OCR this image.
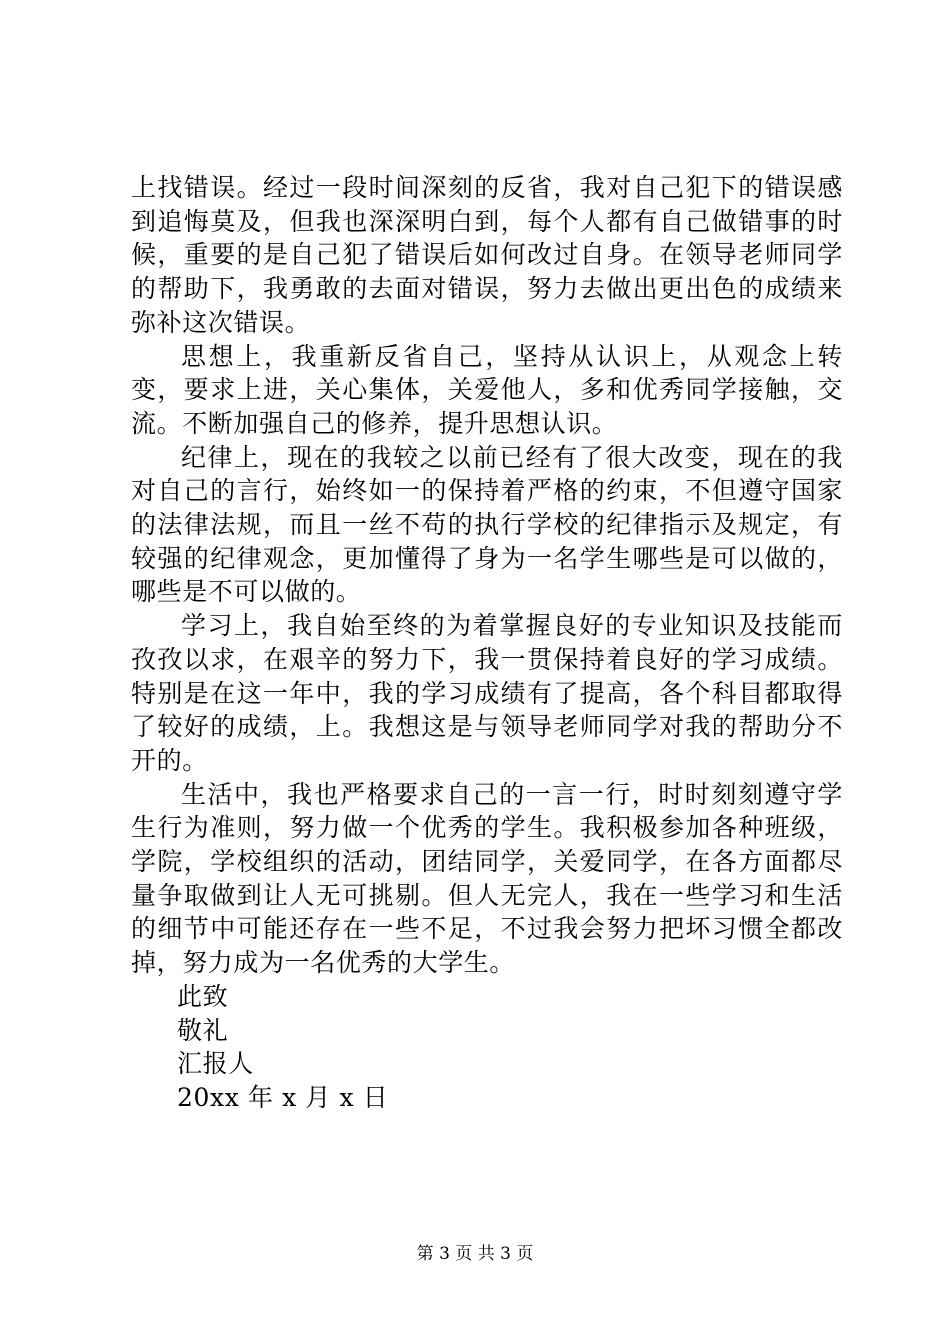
上找错误。经过一段时间深刻的反省，我对自己犯下的错误感到追悔莫及，但我也深深明白到，每个人都有自己做错事的时候，重要的是自己犯了错误后如何改过自身。在领导老师同学的帮助下，我勇敢的去面对错误，努力去做出更出色的成绩来弥补这次错误。

思想上，我重新反省自己，坚持从认识上，从观念上转变，要求上进，关心集体，关爱他人，多和优秀同学接触，交流。不断加强自己的修养，提升思想认识。

纪律上，现在的我较之以前已经有了很大改变，现在的我对自己的言行，始终如一的保持着严格的约束，不但遵守国家的法律法规，而且一丝不苟的执行学校的纪律指示及规定，有较强的纪律观念，更加懂得了身为一名学生哪些是可以做的，哪些是不可以做的。

学习上，我自始至终的为着掌握良好的专业知识及技能而孜孜以求，在艰辛的努力下，我一贯保持着良好的学习成绩。特别是在这一年中，我的学习成绩有了提高，各个科目都取得了较好的成绩，上。我想这是与领导老师同学对我的帮助分不开的。

生活中，我也严格要求自己的一言一行，时时刻刻遵守学生行为准则，努力做一个优秀的学生。我积极参加各种班级，学院，学校组织的活动，团结同学，关爱同学，在各方面都尽量争取做到让人无可挑剔。但人无完人，我在一些学习和生活的细节中可能还存在一些不足，不过我会努力把坏习惯全都改掉，努力成为一名优秀的大学生。

此致

敬礼

汇报人

20xx 年 x 月 x 日

第 3 页 共 3 页
